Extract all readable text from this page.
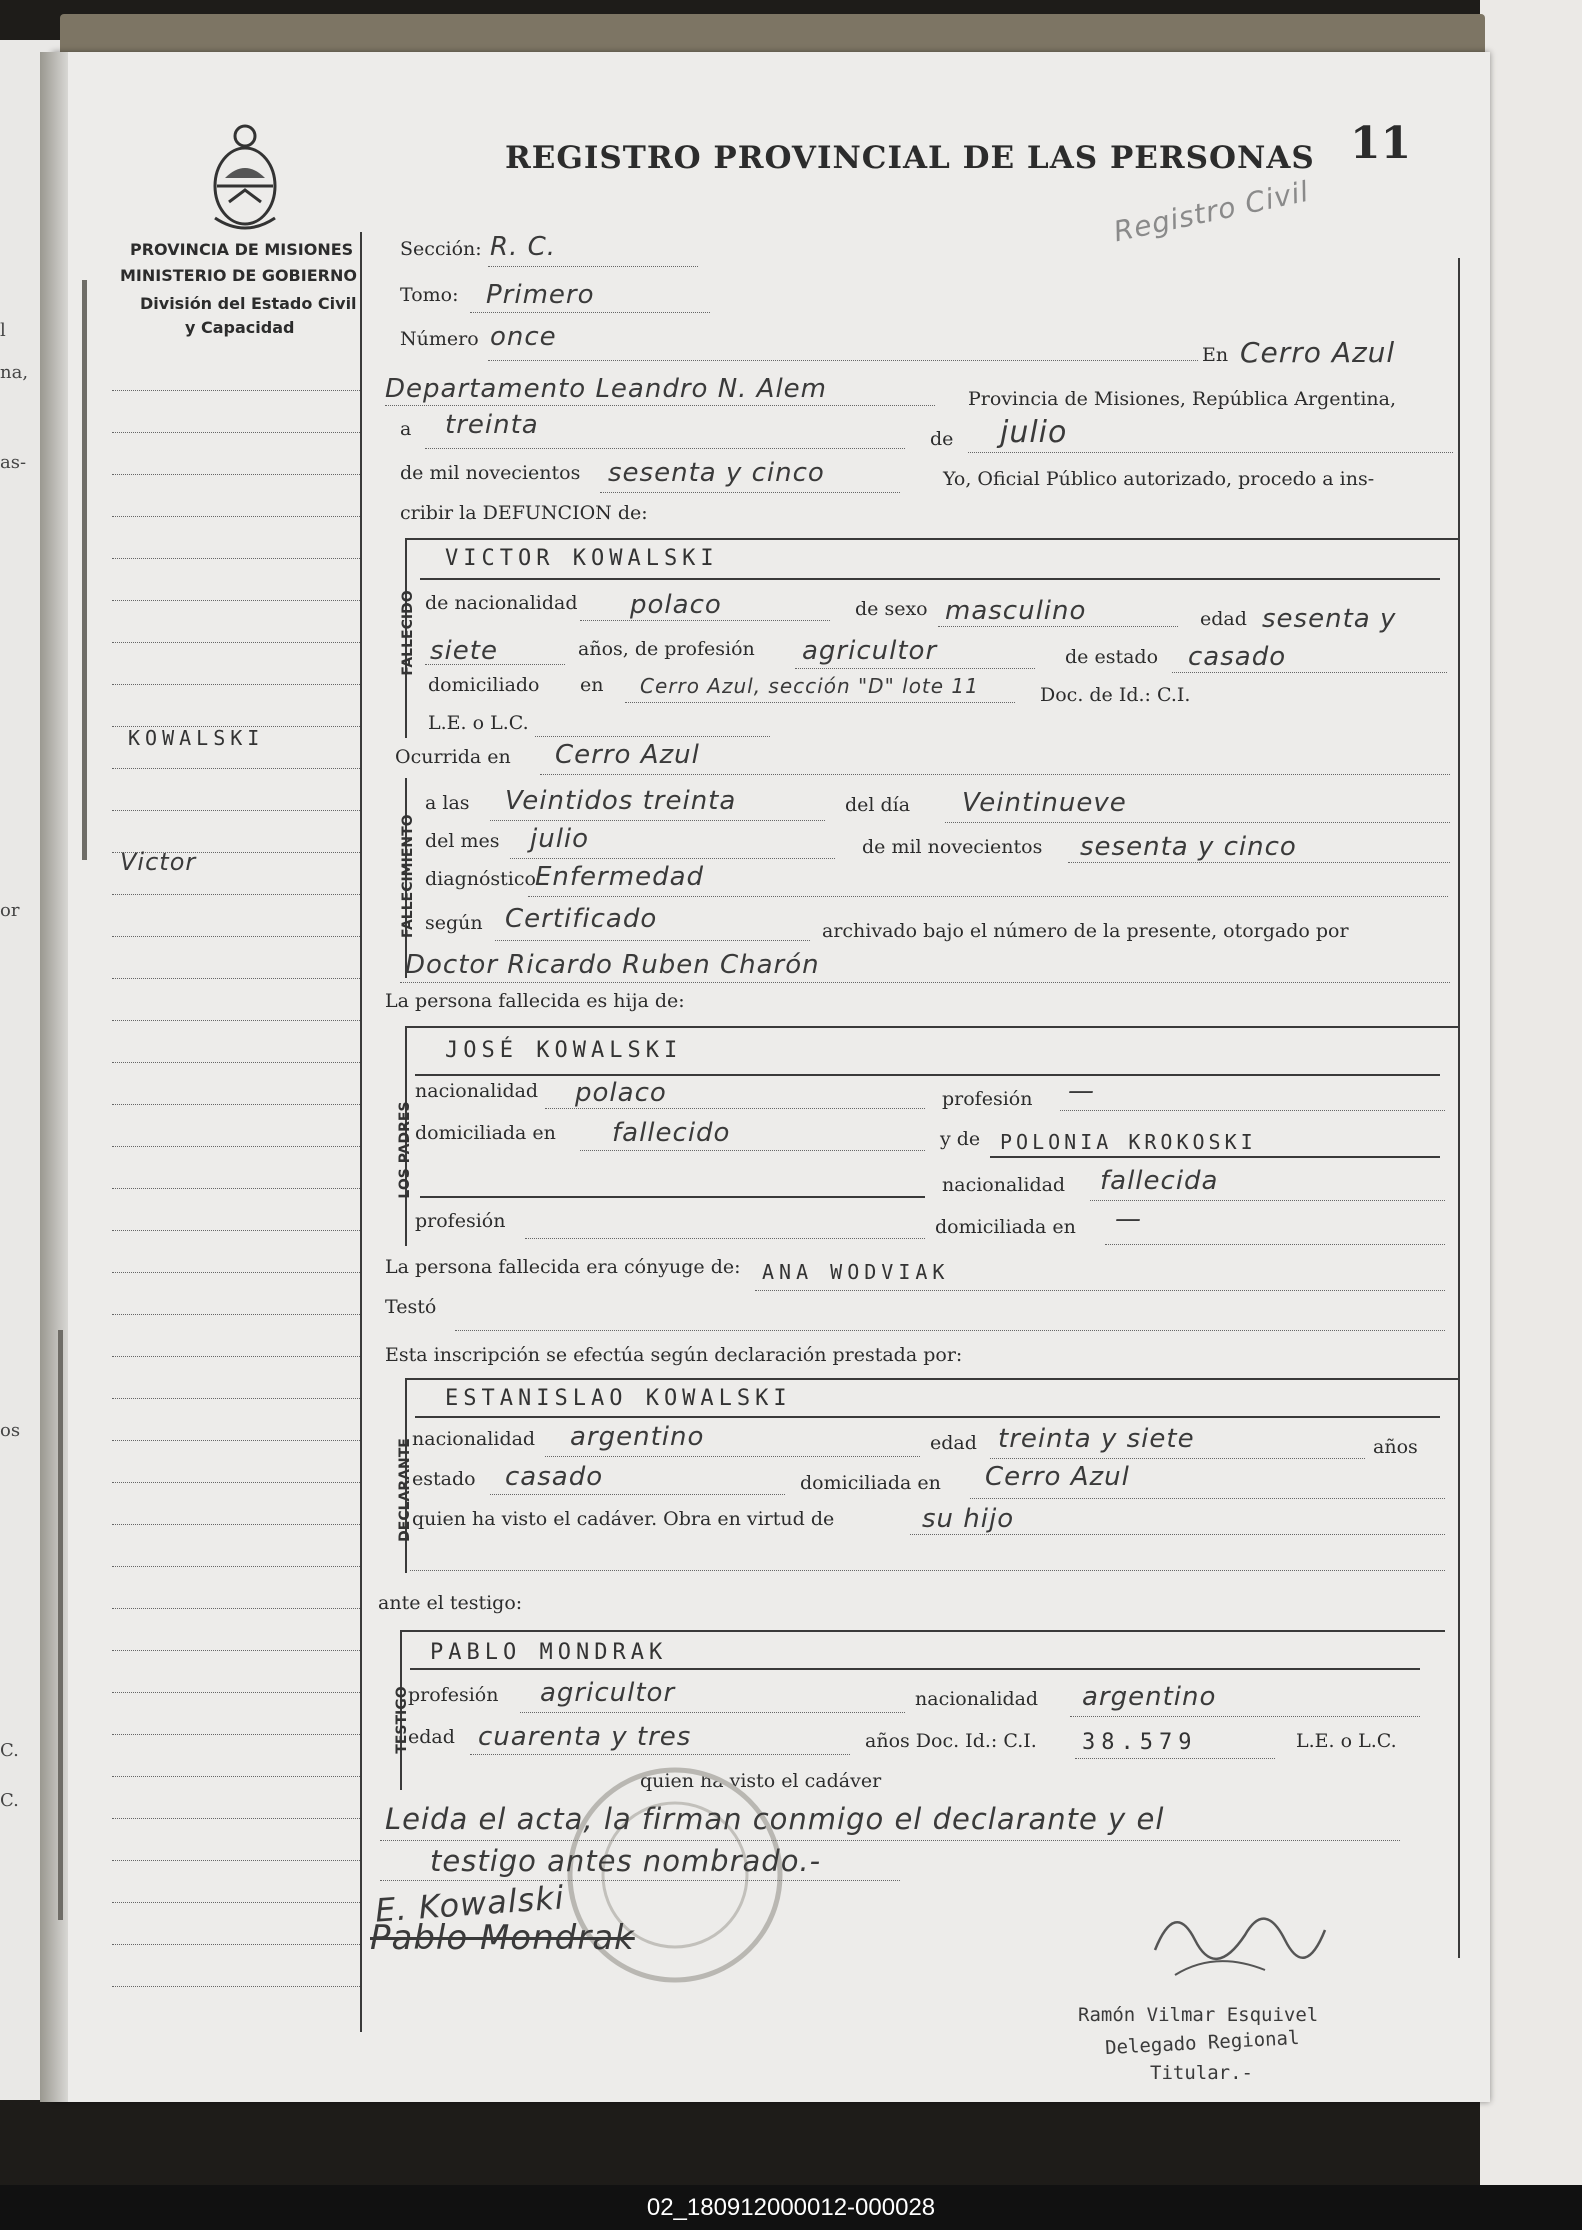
l
na,
as-
or
os
C.
C.
PROVINCIA DE MISIONES
MINISTERIO DE GOBIERNO
División del Estado Civil
y Capacidad
REGISTRO PROVINCIAL DE LAS PERSONAS 11
Registro Civil
KOWALSKI
Victor
Sección: R. C.
Tomo: Primero
Número once
En Cerro Azul
Departamento Leandro N. Alem	Provincia de Misiones, República Argentina,
a treinta	de julio
de mil novecientos sesenta y cinco	Yo, Oficial Público autorizado, procedo a ins-
cribir la DEFUNCION de:
FALLECIDO
VICTOR KOWALSKI
de nacionalidad polaco	de sexo masculino	edad sesenta y
siete	años, de profesión agricultor	de estado casado
domiciliado en Cerro Azul, sección "D" lote 11	Doc. de Id.: C.I.
L.E. o L.C.
Ocurrida en Cerro Azul
FALLECIMIENTO
a las Veintidos treinta	del día Veintinueve
del mes julio	de mil novecientos sesenta y cinco
diagnóstico Enfermedad
según Certificado	archivado bajo el número de la presente, otorgado por
Doctor Ricardo Ruben Charón
La persona fallecida es hija de:
LOS PADRES
JOSÉ KOWALSKI
nacionalidad polaco	profesión —
domiciliada en fallecido	y de POLONIA KROKOSKI
nacionalidad fallecida
profesión	domiciliada en —
La persona fallecida era cónyuge de: ANA WODVIAK
Testó
Esta inscripción se efectúa según declaración prestada por:
DECLARANTE
ESTANISLAO KOWALSKI
nacionalidad argentino	edad treinta y siete	años
estado casado	domiciliada en Cerro Azul
quien ha visto el cadáver. Obra en virtud de	su hijo
ante el testigo:
TESTIGO
PABLO MONDRAK
profesión agricultor	nacionalidad argentino
edad cuarenta y tres	años Doc. Id.: C.I. 38.579	L.E. o L.C.
quien ha visto el cadáver
Leida el acta, la firman conmigo el declarante y el
testigo antes nombrado.-
E. Kowalski
Pablo Mondrak
Ramón Vilmar Esquivel
Delegado Regional
Titular.-
02_180912000012-000028
